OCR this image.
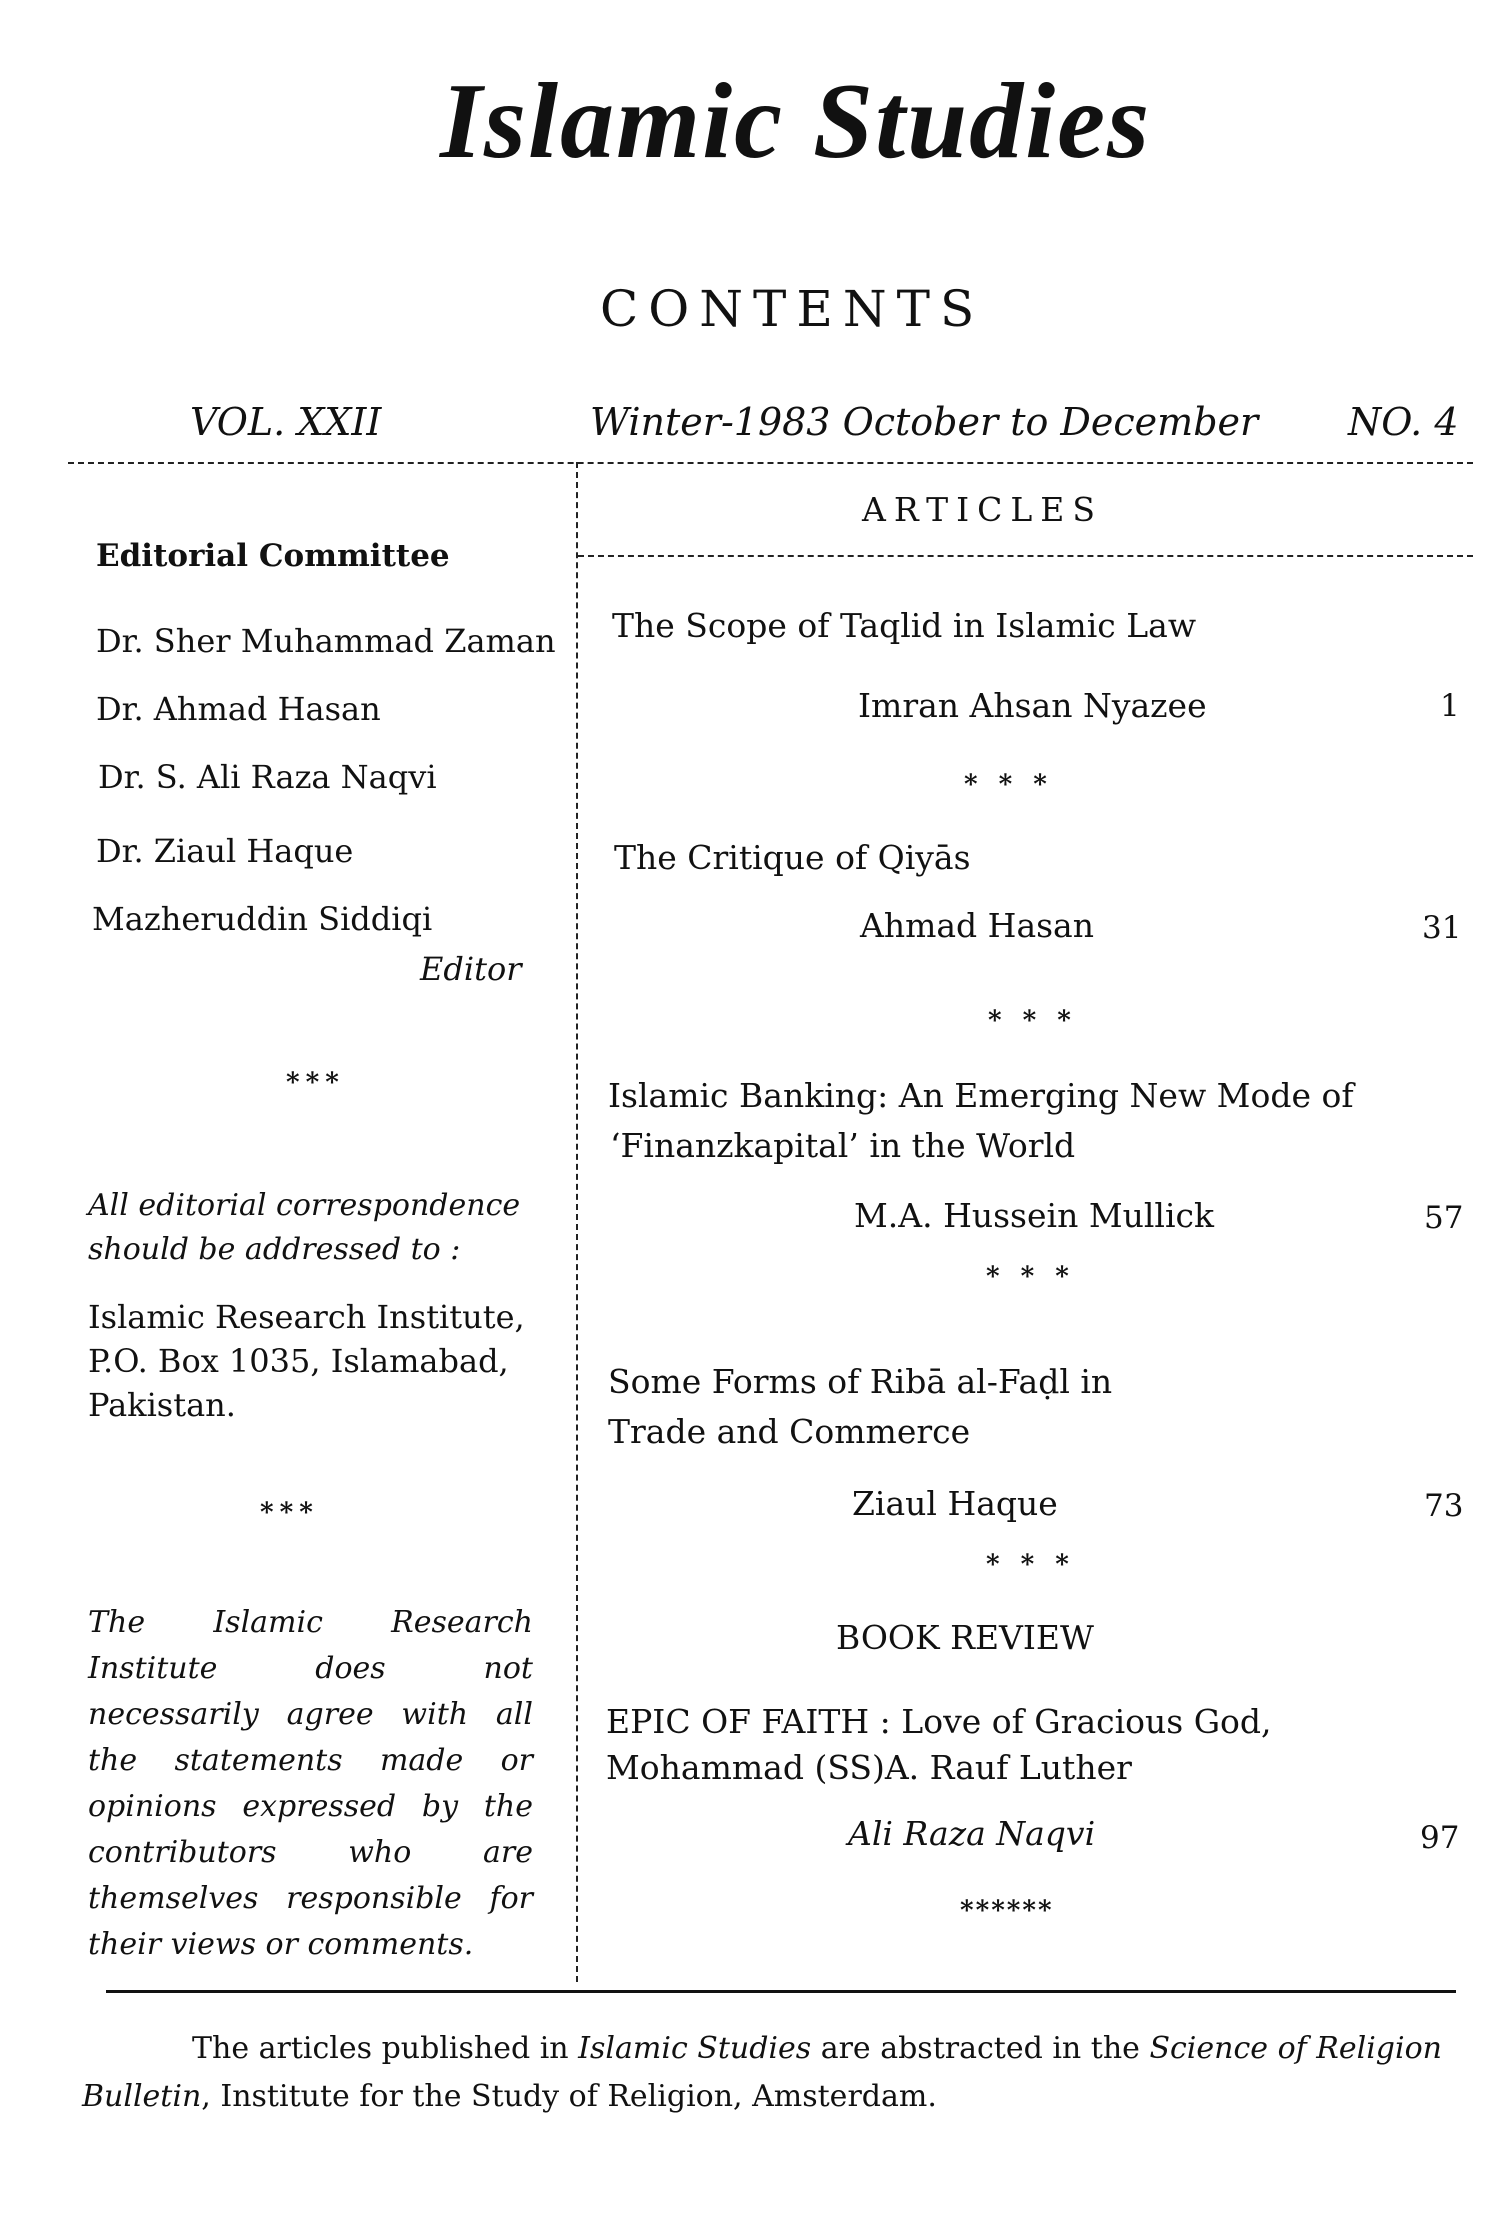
Islamic Studies
CONTENTS
VOL. XXII	Winter-1983 October to December NO. 4
Editorial Committee
Dr. Sher Muhammad Zaman
Dr. Ahmad Hasan
Dr. S. Ali Raza Naqvi
Dr. Ziaul Haque
Mazheruddin Siddiqi
Editor
***
All editorial correspondence
should be addressed to :
Islamic Research Institute,
P.O. Box 1035, Islamabad,
Pakistan.
***
The Islamic Research Institute does not necessarily agree with all the statements made or opinions expressed by the contributors who are themselves responsible for their views or comments.
ARTICLES
The Scope of Taqlid in Islamic Law
Imran Ahsan Nyazee	1
* * *
The Critique of Qiyās
Ahmad Hasan	31
* * *
Islamic Banking: An Emerging New Mode of
‘Finanzkapital’ in the World
M.A. Hussein Mullick	57
* * *
Some Forms of Ribā al-Faḍl in
Trade and Commerce
Ziaul Haque	73
* * *
BOOK REVIEW
EPIC OF FAITH : Love of Gracious God,
Mohammad (SS)A. Rauf Luther
Ali Raza Naqvi	97
******
The articles published in Islamic Studies are abstracted in the Science of Religion Bulletin, Institute for the Study of Religion, Amsterdam.
